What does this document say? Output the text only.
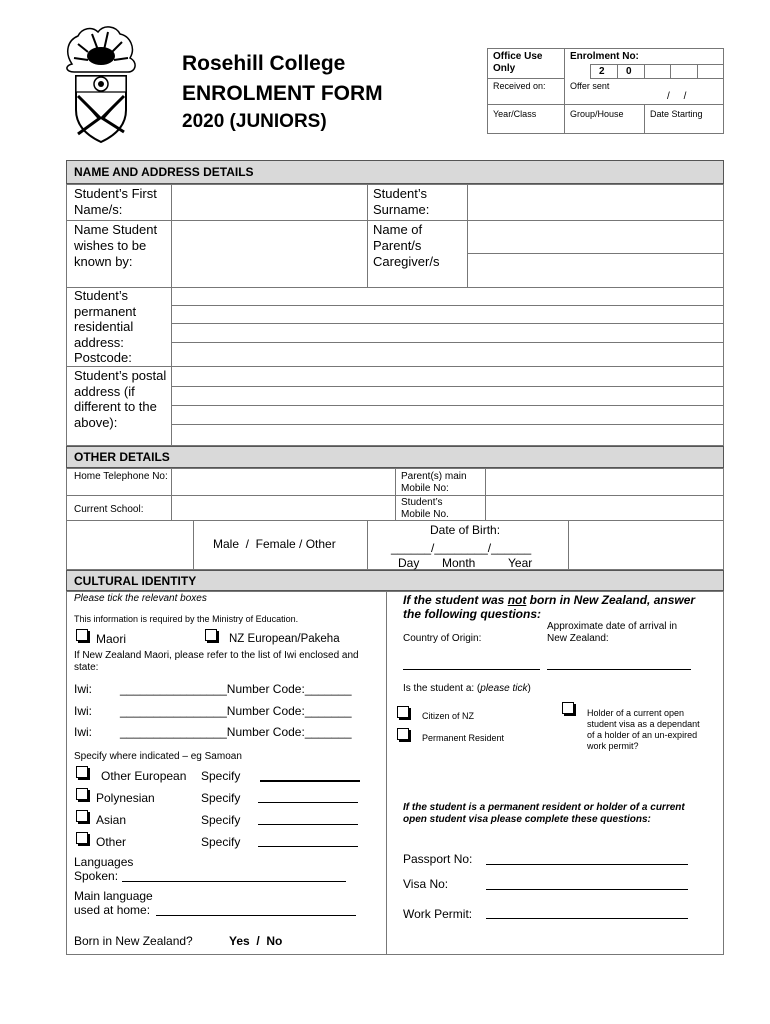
Rosehill College
ENROLMENT FORM
2020 (JUNIORS)
Office Use Only
Enrolment No:
2 0
Received on:	Offer sent
/     /
Year/Class	Group/House	Date Starting
NAME AND ADDRESS DETAILS
Student’s First Name/s:
Student’s Surname:
Name Student wishes to be known by:
Name of Parent/s Caregiver/s
Student’s permanent residential address: Postcode:
Student’s postal address (if different to the above):
OTHER DETAILS
Home Telephone No:
Current School:
Parent(s) main Mobile No:
Student’s Mobile No.
Male  /  Female / Other
Date of Birth:
______/________/______
Day Month	Year
CULTURAL IDENTITY
Please tick the relevant boxes
This information is required by the Ministry of Education.
Maori	NZ European/Pakeha
If New Zealand Maori, please refer to the list of Iwi enclosed and state:
Iwi: ________________Number Code:_______
Iwi: ________________Number Code:_______
Iwi: ________________Number Code:_______
Specify where indicated – eg Samoan
Other European Specify
Polynesian	Specify
Asian	Specify
Other	Specify
Languages Spoken:
Main language used at home:
Born in New Zealand?	Yes  /  No
If the student was not born in New Zealand, answer the following questions:
Country of Origin:
Approximate date of arrival in New Zealand:
Is the student a: (please tick)
Citizen of NZ
Permanent Resident
Holder of a current open student visa as a dependant of a holder of an un-expired work permit?
If the student is a permanent resident or holder of a current open student visa please complete these questions:
Passport No:
Visa No:
Work Permit:
